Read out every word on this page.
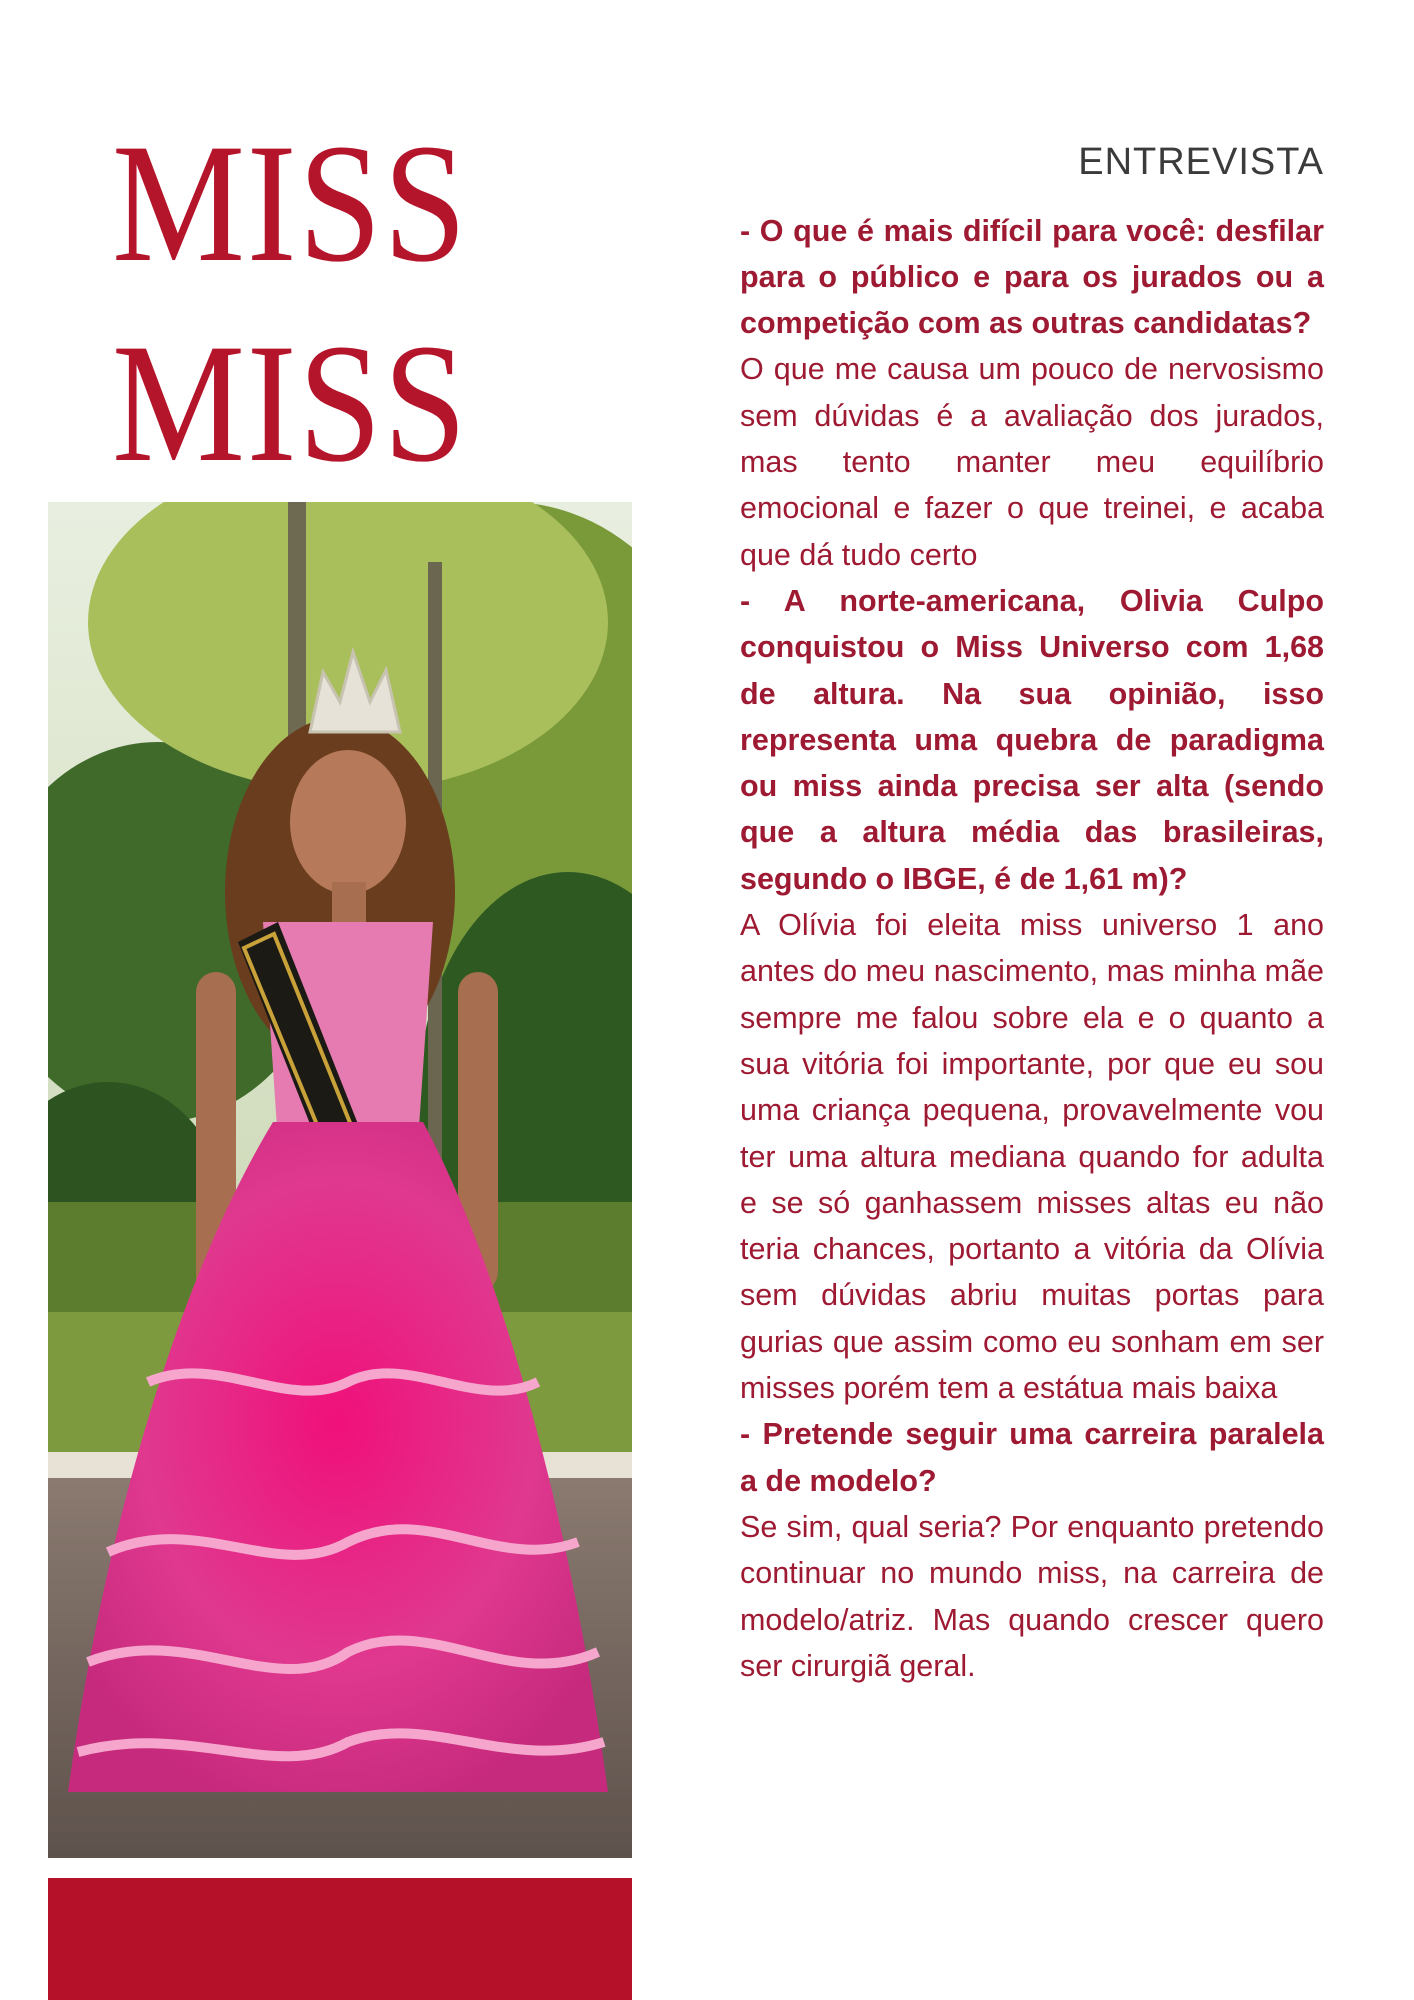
MISS
MISS
ENTREVISTA

- O que é mais difícil para você: desfilar para o público e para os jurados ou a competição com as outras candidatas?

O que me causa um pouco de nervosismo sem dúvidas é a avaliação dos jurados, mas tento manter meu equilíbrio emocional e fazer o que treinei, e acaba que dá tudo certo

- A norte-americana, Olivia Culpo conquistou o Miss Universo com 1,68 de altura. Na sua opinião, isso representa uma quebra de paradigma ou miss ainda precisa ser alta (sendo que a altura média das brasileiras, segundo o IBGE, é de 1,61 m)?

A Olívia foi eleita miss universo 1 ano antes do meu nascimento, mas minha mãe sempre me falou sobre ela e o quanto a sua vitória foi importante, por que eu sou uma criança pequena, provavelmente vou ter uma altura mediana quando for adulta e se só ganhassem misses altas eu não teria chances, portanto a vitória da Olívia sem dúvidas abriu muitas portas para gurias que assim como eu sonham em ser misses porém tem a estátua mais baixa

- Pretende seguir uma carreira paralela a de modelo?

Se sim, qual seria? Por enquanto pretendo continuar no mundo miss, na carreira de modelo/atriz. Mas quando crescer quero ser cirurgiã geral.
